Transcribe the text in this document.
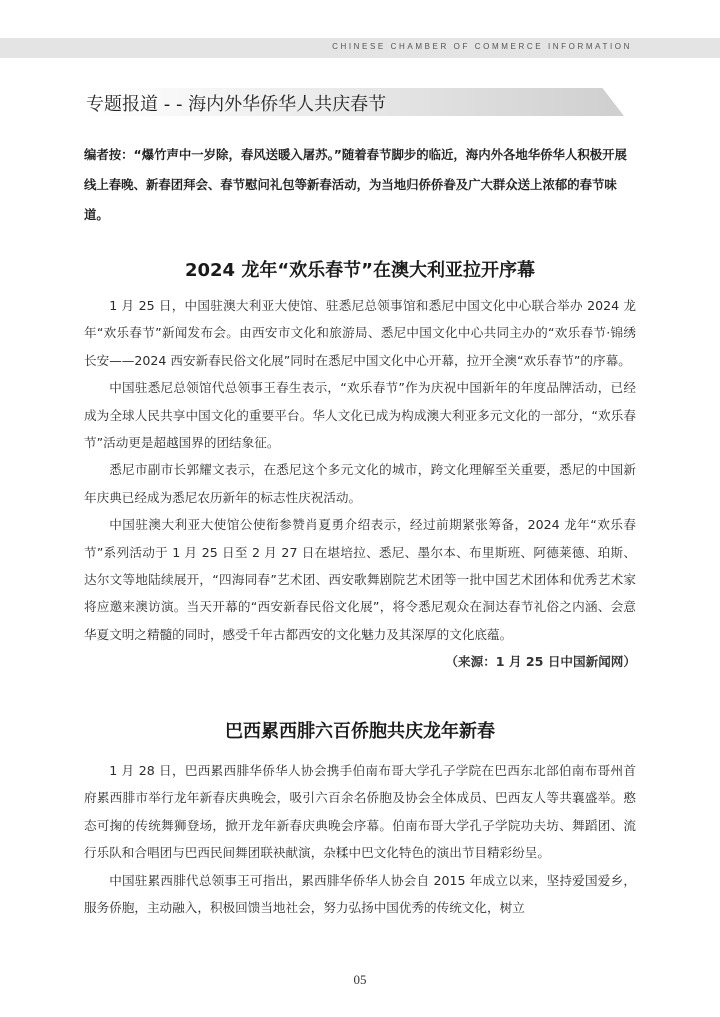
CHINESE CHAMBER OF COMMERCE INFORMATION
专题报道 - - 海内外华侨华人共庆春节
编者按：“爆竹声中一岁除，春风送暖入屠苏。”随着春节脚步的临近，海内外各地华侨华人积极开展线上春晚、新春团拜会、春节慰问礼包等新春活动，为当地归侨侨眷及广大群众送上浓郁的春节味道。
2024 龙年“欢乐春节”在澳大利亚拉开序幕

1 月 25 日，中国驻澳大利亚大使馆、驻悉尼总领事馆和悉尼中国文化中心联合举办 2024 龙年“欢乐春节”新闻发布会。由西安市文化和旅游局、悉尼中国文化中心共同主办的“欢乐春节·锦绣长安——2024 西安新春民俗文化展”同时在悉尼中国文化中心开幕，拉开全澳“欢乐春节”的序幕。

中国驻悉尼总领馆代总领事王春生表示，“欢乐春节”作为庆祝中国新年的年度品牌活动，已经成为全球人民共享中国文化的重要平台。华人文化已成为构成澳大利亚多元文化的一部分，“欢乐春节”活动更是超越国界的团结象征。

悉尼市副市长郭耀文表示，在悉尼这个多元文化的城市，跨文化理解至关重要，悉尼的中国新年庆典已经成为悉尼农历新年的标志性庆祝活动。

中国驻澳大利亚大使馆公使衔参赞肖夏勇介绍表示，经过前期紧张筹备，2024 龙年“欢乐春节”系列活动于 1 月 25 日至 2 月 27 日在堪培拉、悉尼、墨尔本、布里斯班、阿德莱德、珀斯、达尔文等地陆续展开，“四海同春”艺术团、西安歌舞剧院艺术团等一批中国艺术团体和优秀艺术家将应邀来澳访演。当天开幕的“西安新春民俗文化展”，将令悉尼观众在洞达春节礼俗之内涵、会意华夏文明之精髓的同时，感受千年古都西安的文化魅力及其深厚的文化底蕴。

（来源：1 月 25 日中国新闻网）
巴西累西腓六百侨胞共庆龙年新春

1 月 28 日，巴西累西腓华侨华人协会携手伯南布哥大学孔子学院在巴西东北部伯南布哥州首府累西腓市举行龙年新春庆典晚会，吸引六百余名侨胞及协会全体成员、巴西友人等共襄盛举。憨态可掬的传统舞狮登场，掀开龙年新春庆典晚会序幕。伯南布哥大学孔子学院功夫坊、舞蹈团、流行乐队和合唱团与巴西民间舞团联袂献演，杂糅中巴文化特色的演出节目精彩纷呈。

中国驻累西腓代总领事王可指出，累西腓华侨华人协会自 2015 年成立以来，坚持爱国爱乡，服务侨胞，主动融入，积极回馈当地社会，努力弘扬中国优秀的传统文化，树立

05
